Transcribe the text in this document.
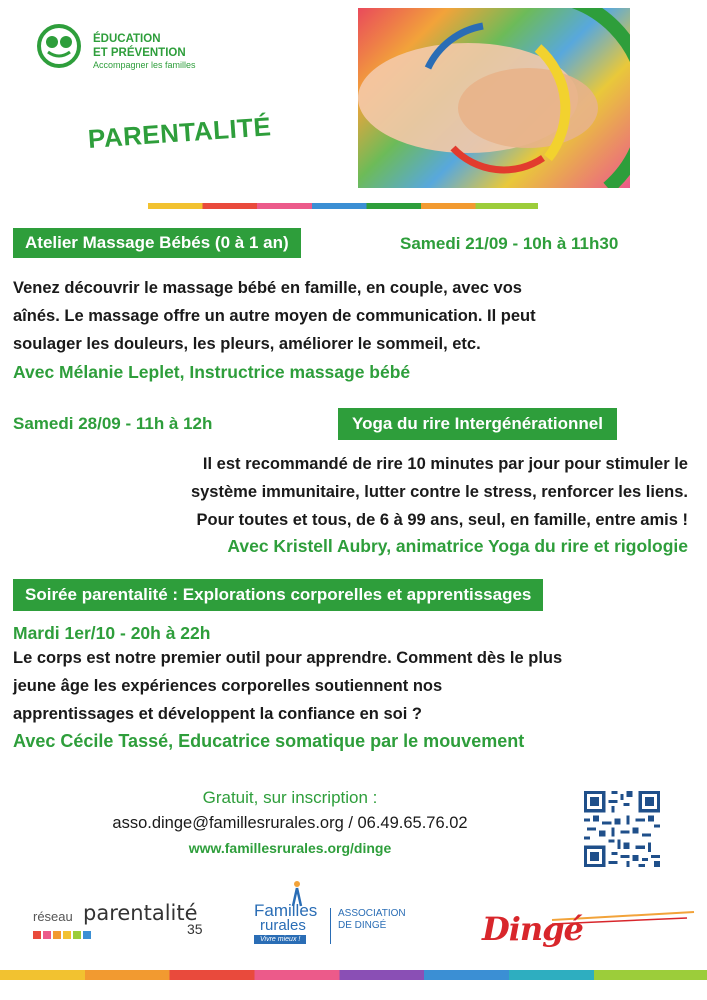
ÉDUCATION
ET PRÉVENTION
Accompagner les familles
PARENTALITÉ
Atelier Massage Bébés (0 à 1 an)	Samedi 21/09 - 10h à 11h30
Venez découvrir le massage bébé en famille, en couple, avec vos
aînés. Le massage offre un autre moyen de communication. Il peut
soulager les douleurs, les pleurs, améliorer le sommeil, etc.
Avec Mélanie Leplet, Instructrice massage bébé
Samedi 28/09 - 11h à 12h	Yoga du rire Intergénérationnel
Il est recommandé de rire 10 minutes par jour pour stimuler le
système immunitaire, lutter contre le stress, renforcer les liens.
Pour toutes et tous, de 6 à 99 ans, seul, en famille, entre amis !
Avec Kristell Aubry, animatrice Yoga du rire et rigologie
Soirée parentalité : Explorations corporelles et apprentissages
Mardi 1er/10 - 20h à 22h
Le corps est notre premier outil pour apprendre. Comment dès le plus
jeune âge les expériences corporelles soutiennent nos
apprentissages et développent la confiance en soi ?
Avec Cécile Tassé, Educatrice somatique par le mouvement
Gratuit, sur inscription :
asso.dinge@famillesrurales.org / 06.49.65.76.02
www.famillesrurales.org/dinge
réseau parentalité
35
Familles
rurales
Vivre mieux !
ASSOCIATION
DE DINGÉ	Dingé
